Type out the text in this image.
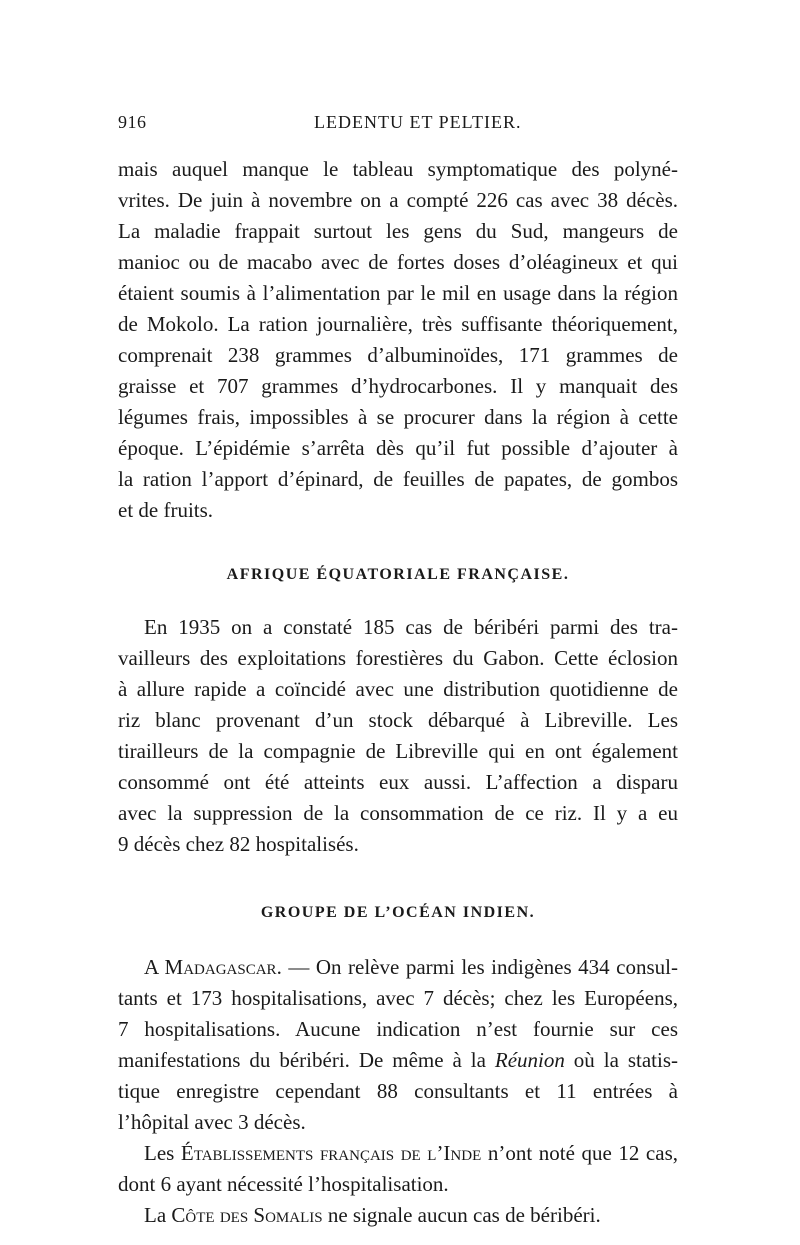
916	LEDENTU ET PELTIER.
mais auquel manque le tableau symptomatique des polyné-
vrites. De juin à novembre on a compté 226 cas avec 38 décès.
La maladie frappait surtout les gens du Sud, mangeurs de
manioc ou de macabo avec de fortes doses d’oléagineux et qui
étaient soumis à l’alimentation par le mil en usage dans la région
de Mokolo. La ration journalière, très suffisante théoriquement,
comprenait 238 grammes d’albuminoïdes, 171 grammes de
graisse et 707 grammes d’hydrocarbones. Il y manquait des
légumes frais, impossibles à se procurer dans la région à cette
époque. L’épidémie s’arrêta dès qu’il fut possible d’ajouter à
la ration l’apport d’épinard, de feuilles de papates, de gombos
et de fruits.
AFRIQUE ÉQUATORIALE FRANÇAISE.
En 1935 on a constaté 185 cas de béribéri parmi des tra-
vailleurs des exploitations forestières du Gabon. Cette éclosion
à allure rapide a coïncidé avec une distribution quotidienne de
riz blanc provenant d’un stock débarqué à Libreville. Les
tirailleurs de la compagnie de Libreville qui en ont également
consommé ont été atteints eux aussi. L’affection a disparu
avec la suppression de la consommation de ce riz. Il y a eu
9 décès chez 82 hospitalisés.
GROUPE DE L’OCÉAN INDIEN.
A Madagascar. — On relève parmi les indigènes 434 consul-
tants et 173 hospitalisations, avec 7 décès; chez les Européens,
7 hospitalisations. Aucune indication n’est fournie sur ces
manifestations du béribéri. De même à la Réunion où la statis-
tique enregistre cependant 88 consultants et 11 entrées à
l’hôpital avec 3 décès.
Les Établissements français de l’Inde n’ont noté que 12 cas,
dont 6 ayant nécessité l’hospitalisation.
La Côte des Somalis ne signale aucun cas de béribéri.
